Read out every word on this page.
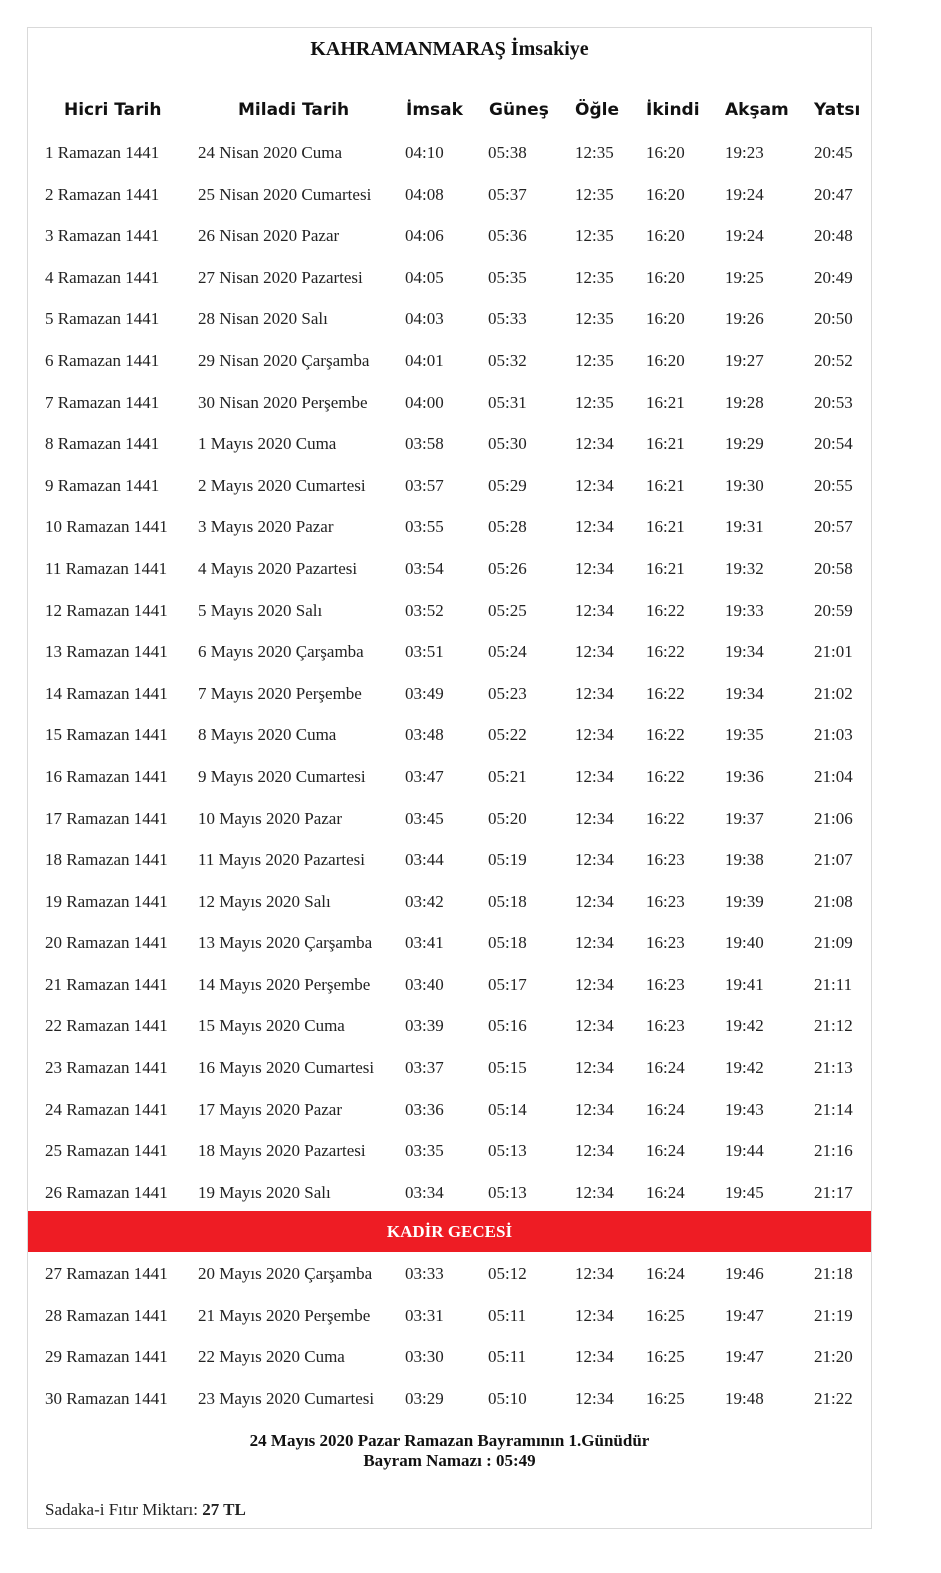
KAHRAMANMARAŞ İmsakiye
Hicri Tarih	Miladi Tarih	İmsak Güneş Öğle İkindi Akşam Yatsı
1 Ramazan 1441 24 Nisan 2020 Cuma	04:10	05:38	12:35 16:20 19:23	20:45
2 Ramazan 1441 25 Nisan 2020 Cumartesi 04:08	05:37	12:35 16:20 19:24	20:47
3 Ramazan 1441 26 Nisan 2020 Pazar	04:06	05:36	12:35 16:20 19:24	20:48
4 Ramazan 1441 27 Nisan 2020 Pazartesi 04:05	05:35	12:35 16:20 19:25	20:49
5 Ramazan 1441 28 Nisan 2020 Salı	04:03	05:33	12:35 16:20 19:26	20:50
6 Ramazan 1441 29 Nisan 2020 Çarşamba 04:01	05:32	12:35 16:20 19:27	20:52
7 Ramazan 1441 30 Nisan 2020 Perşembe 04:00	05:31	12:35 16:21 19:28	20:53
8 Ramazan 1441 1 Mayıs 2020 Cuma	03:58	05:30	12:34 16:21 19:29	20:54
9 Ramazan 1441 2 Mayıs 2020 Cumartesi 03:57	05:29	12:34 16:21 19:30	20:55
10 Ramazan 1441 3 Mayıs 2020 Pazar	03:55	05:28	12:34 16:21 19:31	20:57
11 Ramazan 1441 4 Mayıs 2020 Pazartesi	03:54	05:26	12:34 16:21 19:32	20:58
12 Ramazan 1441 5 Mayıs 2020 Salı	03:52	05:25	12:34 16:22 19:33	20:59
13 Ramazan 1441 6 Mayıs 2020 Çarşamba 03:51	05:24	12:34 16:22 19:34	21:01
14 Ramazan 1441 7 Mayıs 2020 Perşembe	03:49	05:23	12:34 16:22 19:34	21:02
15 Ramazan 1441 8 Mayıs 2020 Cuma	03:48	05:22	12:34 16:22 19:35	21:03
16 Ramazan 1441 9 Mayıs 2020 Cumartesi 03:47	05:21	12:34 16:22 19:36	21:04
17 Ramazan 1441 10 Mayıs 2020 Pazar	03:45	05:20	12:34 16:22 19:37	21:06
18 Ramazan 1441 11 Mayıs 2020 Pazartesi 03:44	05:19	12:34 16:23 19:38	21:07
19 Ramazan 1441 12 Mayıs 2020 Salı	03:42	05:18	12:34 16:23 19:39	21:08
20 Ramazan 1441 13 Mayıs 2020 Çarşamba 03:41	05:18	12:34 16:23 19:40	21:09
21 Ramazan 1441 14 Mayıs 2020 Perşembe 03:40	05:17	12:34 16:23 19:41	21:11
22 Ramazan 1441 15 Mayıs 2020 Cuma	03:39	05:16	12:34 16:23 19:42	21:12
23 Ramazan 1441 16 Mayıs 2020 Cumartesi 03:37	05:15	12:34 16:24 19:42	21:13
24 Ramazan 1441 17 Mayıs 2020 Pazar	03:36	05:14	12:34 16:24 19:43	21:14
25 Ramazan 1441 18 Mayıs 2020 Pazartesi 03:35	05:13	12:34 16:24 19:44	21:16
26 Ramazan 1441 19 Mayıs 2020 Salı	03:34	05:13	12:34 16:24 19:45	21:17
KADİR GECESİ
27 Ramazan 1441 20 Mayıs 2020 Çarşamba 03:33	05:12	12:34 16:24 19:46	21:18
28 Ramazan 1441 21 Mayıs 2020 Perşembe 03:31	05:11	12:34 16:25 19:47	21:19
29 Ramazan 1441 22 Mayıs 2020 Cuma	03:30	05:11	12:34 16:25 19:47	21:20
30 Ramazan 1441 23 Mayıs 2020 Cumartesi 03:29	05:10	12:34 16:25 19:48	21:22
24 Mayıs 2020 Pazar Ramazan Bayramının 1.Günüdür
Bayram Namazı : 05:49
Sadaka-i Fıtır Miktarı: 27 TL
